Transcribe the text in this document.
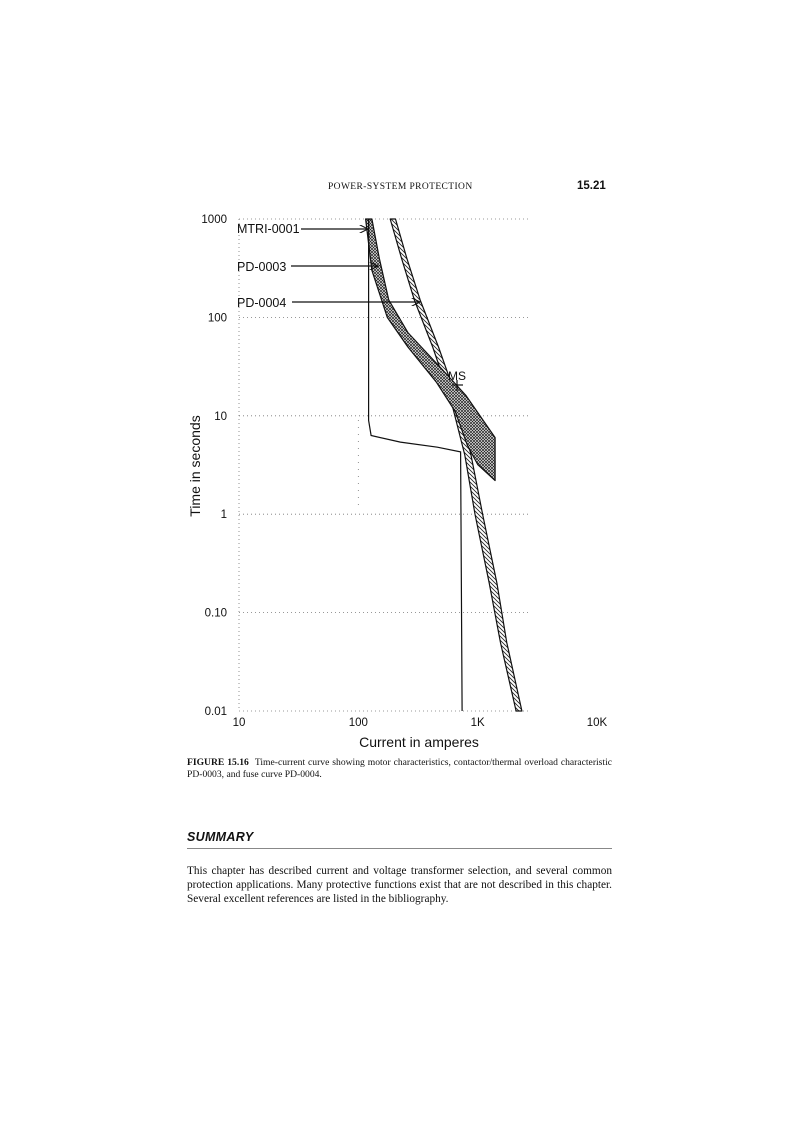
POWER-SYSTEM PROTECTION	15.21
MS
MTRI-0001
PD-0003
PD-0004
1000
100
10
1
0.10
0.01
10	100	1K	10K
Time in seconds
Current in amperes
FIGURE 15.16 Time-current curve showing motor characteristics, contactor/thermal overload characteristic PD-0003, and fuse curve PD-0004.
SUMMARY
This chapter has described current and voltage transformer selection, and several common protection applications. Many protective functions exist that are not described in this chapter. Several excellent references are listed in the bibliography.
